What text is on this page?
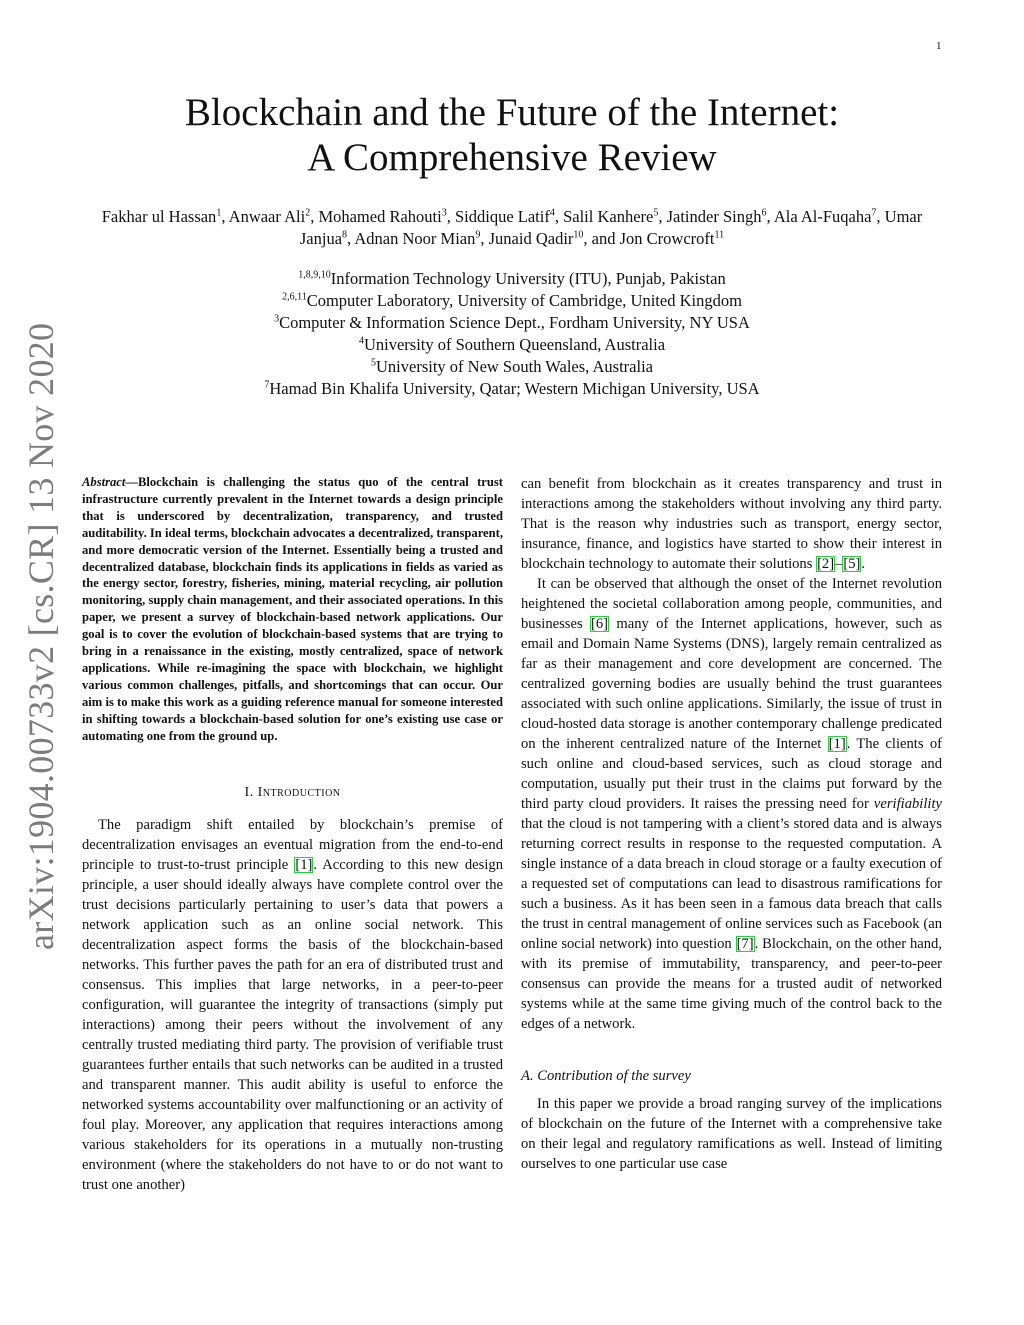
1
arXiv:1904.00733v2 [cs.CR] 13 Nov 2020
Blockchain and the Future of the Internet:
A Comprehensive Review
Fakhar ul Hassan$^1$, Anwaar Ali$^2$, Mohamed Rahouti$^3$, Siddique Latif$^4$, Salil Kanhere$^5$, Jatinder Singh$^6$, Ala Al-Fuqaha$^7$, Umar Janjua$^8$, Adnan Noor Mian$^9$, Junaid Qadir$^{10}$, and Jon Crowcroft$^{11}$
$^{1,8,9,10}$Information Technology University (ITU), Punjab, Pakistan
$^{2,6,11}$Computer Laboratory, University of Cambridge, United Kingdom
$^3$Computer & Information Science Dept., Fordham University, NY USA
$^4$University of Southern Queensland, Australia
$^5$University of New South Wales, Australia
$^7$Hamad Bin Khalifa University, Qatar; Western Michigan University, USA

Abstract—Blockchain is challenging the status quo of the central trust infrastructure currently prevalent in the Internet towards a design principle that is underscored by decentralization, transparency, and trusted auditability. In ideal terms, blockchain advocates a decentralized, transparent, and more democratic version of the Internet. Essentially being a trusted and decentralized database, blockchain finds its applications in fields as varied as the energy sector, forestry, fisheries, mining, material recycling, air pollution monitoring, supply chain management, and their associated operations. In this paper, we present a survey of blockchain-based network applications. Our goal is to cover the evolution of blockchain-based systems that are trying to bring in a renaissance in the existing, mostly centralized, space of network applications. While re-imagining the space with blockchain, we highlight various common challenges, pitfalls, and shortcomings that can occur. Our aim is to make this work as a guiding reference manual for someone interested in shifting towards a blockchain-based solution for one’s existing use case or automating one from the ground up.

I. Introduction

The paradigm shift entailed by blockchain’s premise of decentralization envisages an eventual migration from the end-to-end principle to trust-to-trust principle [1]. According to this new design principle, a user should ideally always have complete control over the trust decisions particularly pertaining to user’s data that powers a network application such as an online social network. This decentralization aspect forms the basis of the blockchain-based networks. This further paves the path for an era of distributed trust and consensus. This implies that large networks, in a peer-to-peer configuration, will guarantee the integrity of transactions (simply put interactions) among their peers without the involvement of any centrally trusted mediating third party. The provision of verifiable trust guarantees further entails that such networks can be audited in a trusted and transparent manner. This audit ability is useful to enforce the networked systems accountability over malfunctioning or an activity of foul play. Moreover, any application that requires interactions among various stakeholders for its operations in a mutually non-trusting environment (where the stakeholders do not have to or do not want to trust one another)

can benefit from blockchain as it creates transparency and trust in interactions among the stakeholders without involving any third party. That is the reason why industries such as transport, energy sector, insurance, finance, and logistics have started to show their interest in blockchain technology to automate their solutions [2]–[5].

It can be observed that although the onset of the Internet revolution heightened the societal collaboration among people, communities, and businesses [6] many of the Internet applications, however, such as email and Domain Name Systems (DNS), largely remain centralized as far as their management and core development are concerned. The centralized governing bodies are usually behind the trust guarantees associated with such online applications. Similarly, the issue of trust in cloud-hosted data storage is another contemporary challenge predicated on the inherent centralized nature of the Internet [1]. The clients of such online and cloud-based services, such as cloud storage and computation, usually put their trust in the claims put forward by the third party cloud providers. It raises the pressing need for verifiability that the cloud is not tampering with a client’s stored data and is always returning correct results in response to the requested computation. A single instance of a data breach in cloud storage or a faulty execution of a requested set of computations can lead to disastrous ramifications for such a business. As it has been seen in a famous data breach that calls the trust in central management of online services such as Facebook (an online social network) into question [7]. Blockchain, on the other hand, with its premise of immutability, transparency, and peer-to-peer consensus can provide the means for a trusted audit of networked systems while at the same time giving much of the control back to the edges of a network.

A. Contribution of the survey

In this paper we provide a broad ranging survey of the implications of blockchain on the future of the Internet with a comprehensive take on their legal and regulatory ramifications as well. Instead of limiting ourselves to one particular use case
